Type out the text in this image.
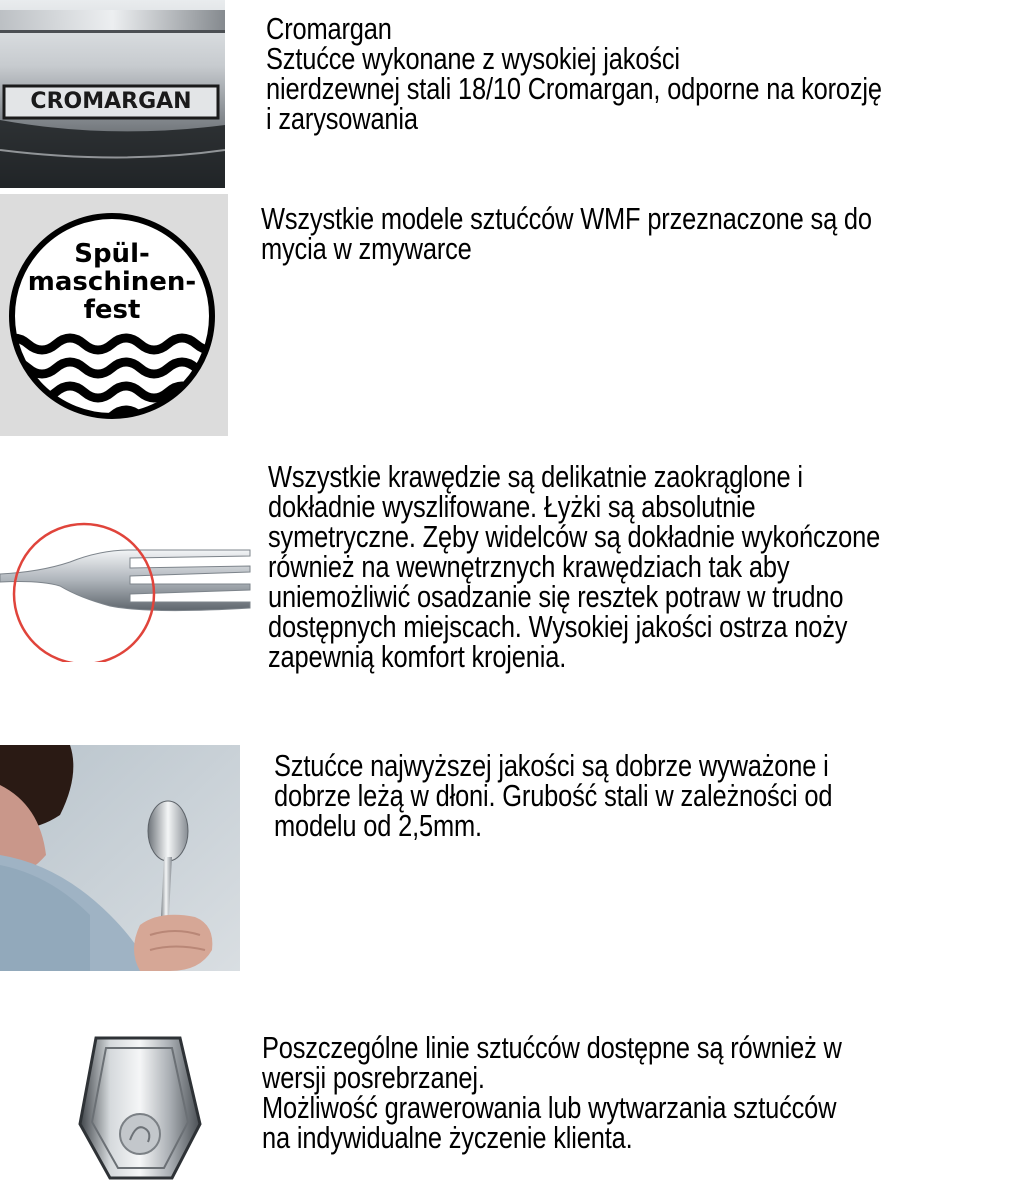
CROMARGAN
Cromargan
Sztućce wykonane z wysokiej jakości
nierdzewnej stali 18/10 Cromargan, odporne na korozję
i zarysowania
Spül-
maschinen-
fest
Wszystkie modele sztućców WMF przeznaczone są do
mycia w zmywarce
Wszystkie krawędzie są delikatnie zaokrąglone i
dokładnie wyszlifowane. Łyżki są absolutnie
symetryczne. Zęby widelców są dokładnie wykończone
również na wewnętrznych krawędziach tak aby
uniemożliwić osadzanie się resztek potraw w trudno
dostępnych miejscach. Wysokiej jakości ostrza noży
zapewnią komfort krojenia.
Sztućce najwyższej jakości są dobrze wyważone i
dobrze leżą w dłoni. Grubość stali w zależności od
modelu od 2,5mm.
Poszczególne linie sztućców dostępne są również w
wersji posrebrzanej.
Możliwość grawerowania lub wytwarzania sztućców
na indywidualne życzenie klienta.
